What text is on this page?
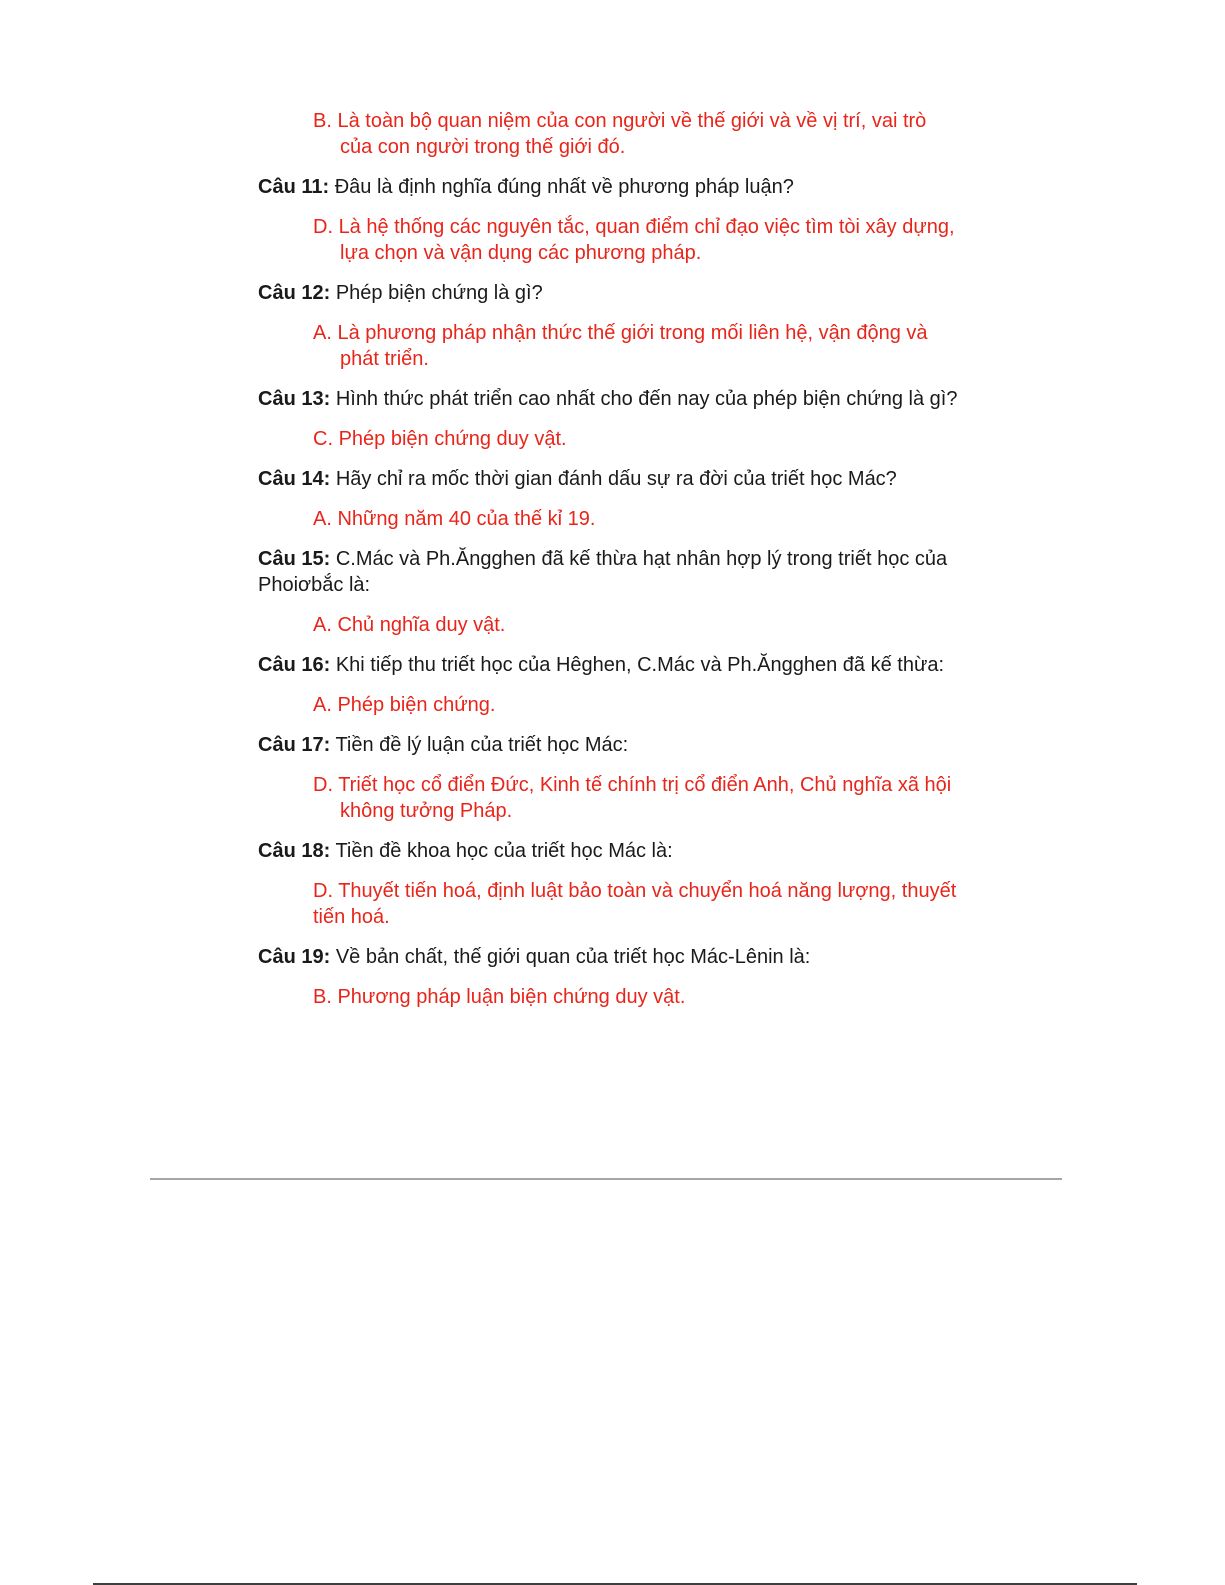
B. Là toàn bộ quan niệm của con người về thế giới và về vị trí, vai trò của con người trong thế giới đó.

Câu 11: Đâu là định nghĩa đúng nhất về phương pháp luận?

D. Là hệ thống các nguyên tắc, quan điểm chỉ đạo việc tìm tòi xây dựng, lựa chọn và vận dụng các phương pháp.

Câu 12: Phép biện chứng là gì?

A. Là phương pháp nhận thức thế giới trong mối liên hệ, vận động và phát triển.

Câu 13: Hình thức phát triển cao nhất cho đến nay của phép biện chứng là gì?

C. Phép biện chứng duy vật.

Câu 14: Hãy chỉ ra mốc thời gian đánh dấu sự ra đời của triết học Mác?

A. Những năm 40 của thế kỉ 19.

Câu 15: C.Mác và Ph.Ăngghen đã kế thừa hạt nhân hợp lý trong triết học của Phoiơbắc là:

A. Chủ nghĩa duy vật.

Câu 16: Khi tiếp thu triết học của Hêghen, C.Mác và Ph.Ăngghen đã kế thừa:

A. Phép biện chứng.

Câu 17: Tiền đề lý luận của triết học Mác:

D. Triết học cổ điển Đức, Kinh tế chính trị cổ điển Anh, Chủ nghĩa xã hội không tưởng Pháp.

Câu 18: Tiền đề khoa học của triết học Mác là:

D. Thuyết tiến hoá, định luật bảo toàn và chuyển hoá năng lượng, thuyết tiến hoá.

Câu 19: Về bản chất, thế giới quan của triết học Mác-Lênin là:

B. Phương pháp luận biện chứng duy vật.
